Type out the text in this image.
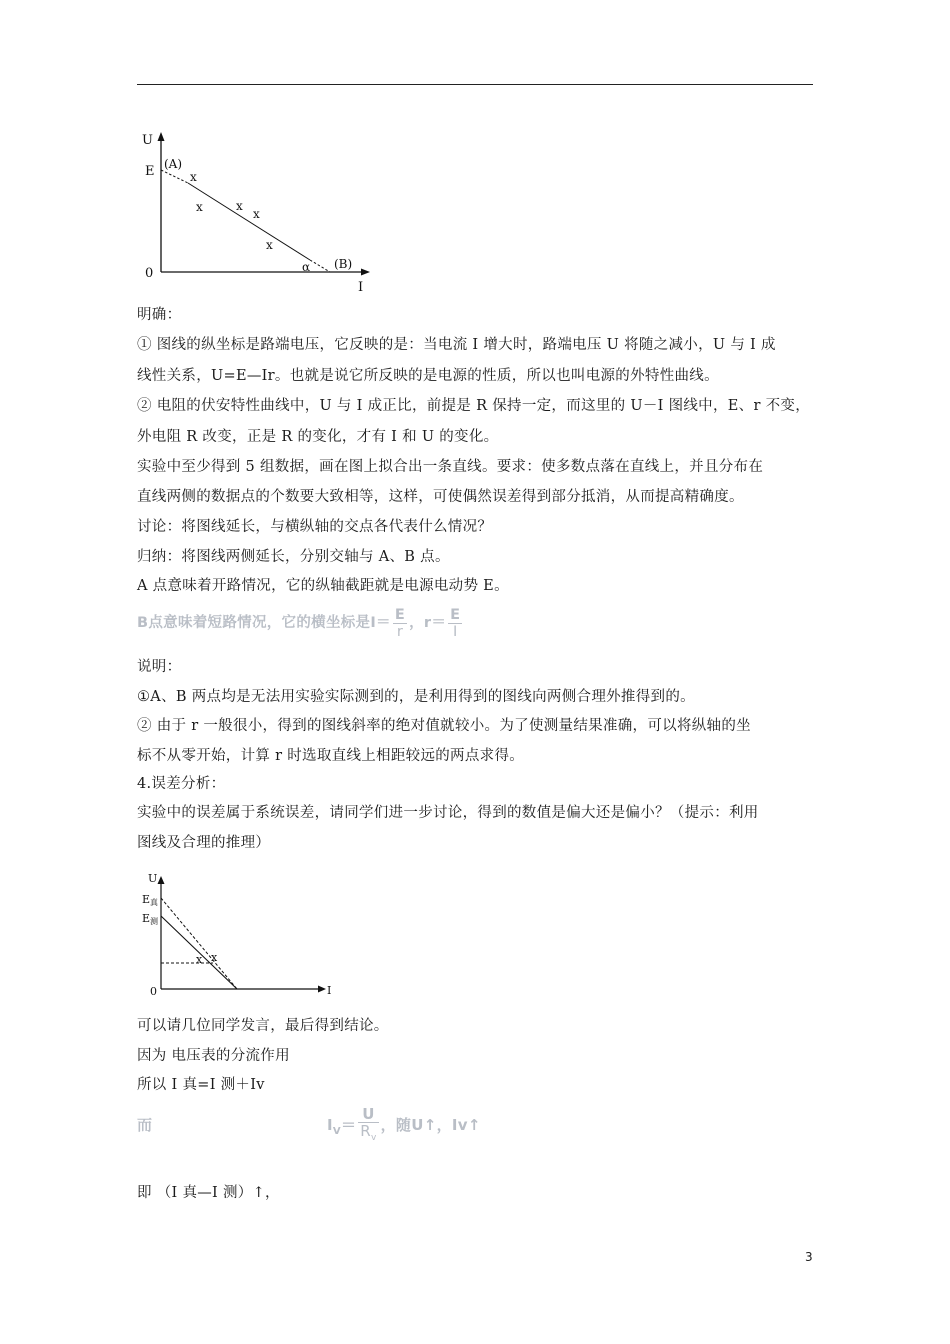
U
E (A)
0
(B)
α
I
x
x	x
x
x
明确：
① 图线的纵坐标是路端电压，它反映的是：当电流 I 增大时，路端电压 U 将随之减小，U 与 I 成
线性关系，U=E—Ir。也就是说它所反映的是电源的性质，所以也叫电源的外特性曲线。
② 电阻的伏安特性曲线中，U 与 I 成正比，前提是 R 保持一定，而这里的 U－I 图线中，E、r 不变，
外电阻 R 改变，正是 R 的变化，才有 I 和 U 的变化。
实验中至少得到 5 组数据，画在图上拟合出一条直线。要求：使多数点落在直线上，并且分布在
直线两侧的数据点的个数要大致相等，这样，可使偶然误差得到部分抵消，从而提高精确度。
讨论：将图线延长，与横纵轴的交点各代表什么情况？
归纳：将图线两侧延长，分别交轴与 A、B 点。
A 点意味着开路情况，它的纵轴截距就是电源电动势 E。
B点意味着短路情况，它的横坐标是$I= \frac{E}{r}$ ，$r= \frac{E}{I}$
说明：
①A、B 两点均是无法用实验实际测到的，是利用得到的图线向两侧合理外推得到的。
② 由于 r 一般很小，得到的图线斜率的绝对值就较小。为了使测量结果准确，可以将纵轴的坐
标不从零开始，计算 r 时选取直线上相距较远的两点求得。
4.误差分析：
实验中的误差属于系统误差，请同学们进一步讨论，得到的数值是偏大还是偏小？（提示：利用
图线及合理的推理）
U
E真
E测
0	I
x x
可以请几位同学发言，最后得到结论。
因为 电压表的分流作用
所以 I 真=I 测＋Iv
而	$I_V= \frac{U}{R_v}$ ，随U↑，Iv↑
即 （I 真—I 测）↑，
3
